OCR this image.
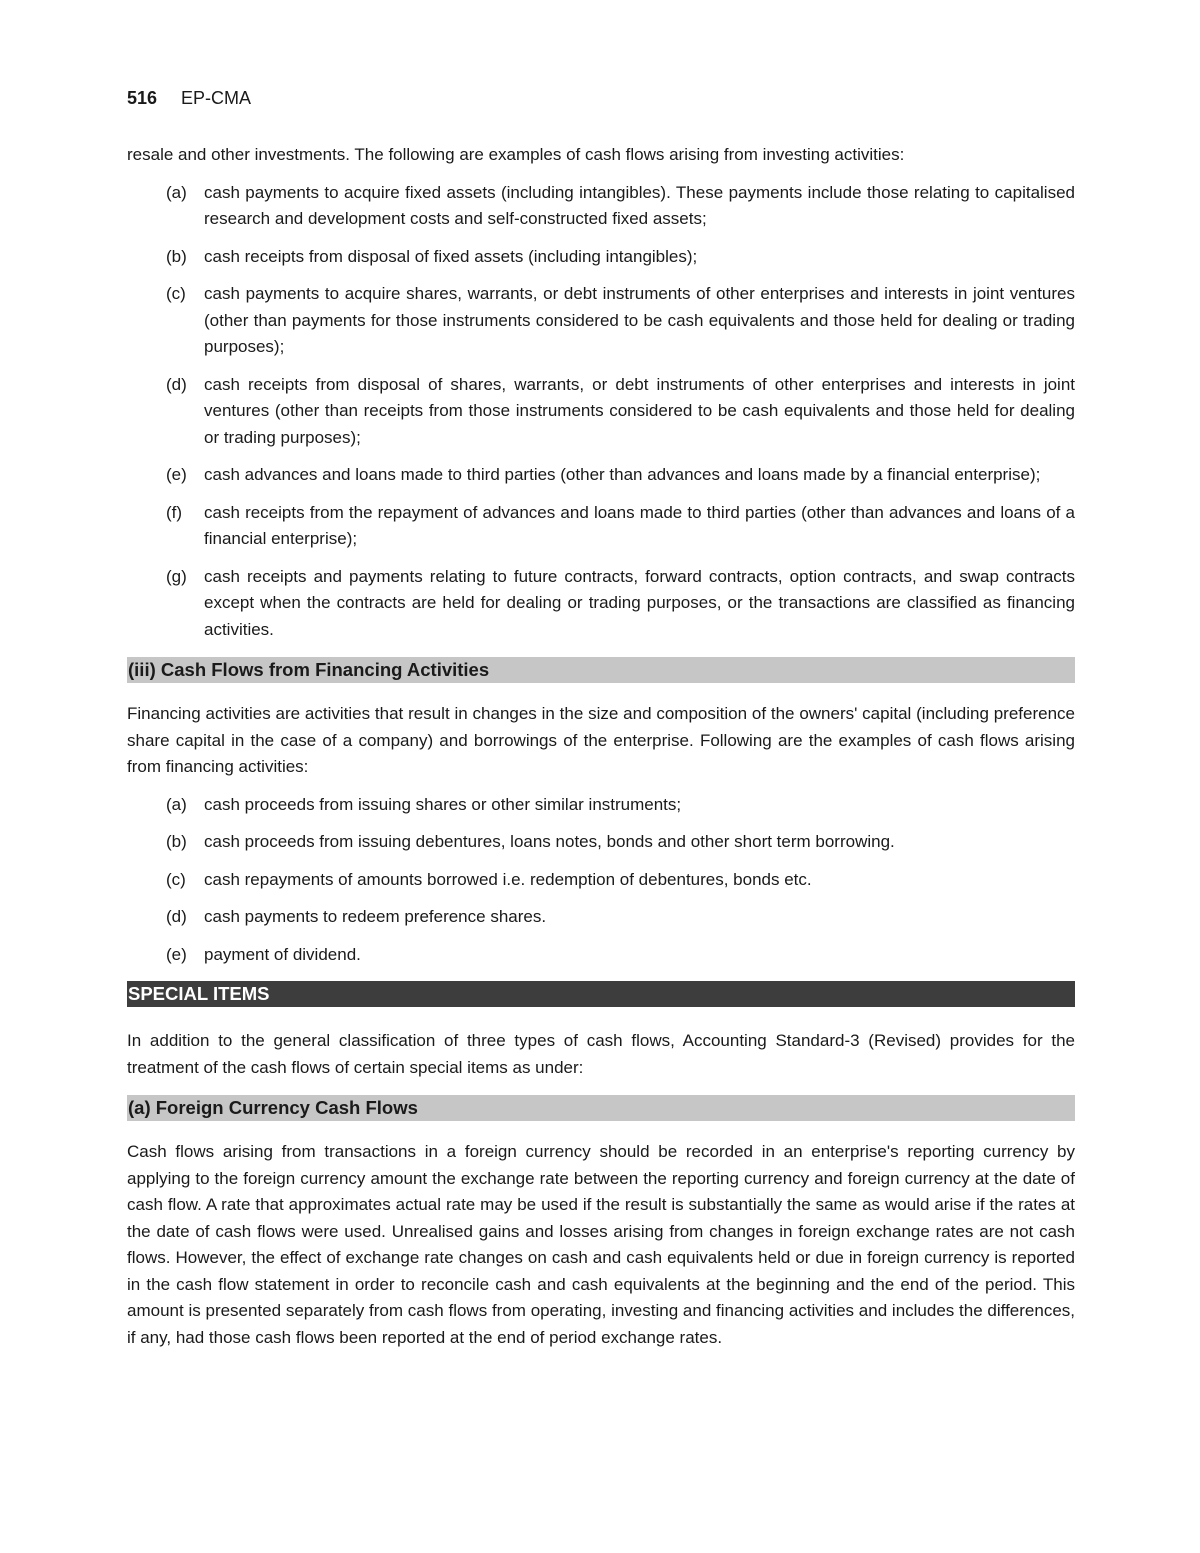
516 EP-CMA

resale and other investments. The following are examples of cash flows arising from investing activities:

(a)	cash payments to acquire fixed assets (including intangibles). These payments include those relating to capitalised research and development costs and self-constructed fixed assets;
(b)	cash receipts from disposal of fixed assets (including intangibles);
(c)	cash payments to acquire shares, warrants, or debt instruments of other enterprises and interests in joint ventures (other than payments for those instruments considered to be cash equivalents and those held for dealing or trading purposes);
(d)	cash receipts from disposal of shares, warrants, or debt instruments of other enterprises and interests in joint ventures (other than receipts from those instruments considered to be cash equivalents and those held for dealing or trading purposes);
(e)	cash advances and loans made to third parties (other than advances and loans made by a financial enterprise);
(f)	cash receipts from the repayment of advances and loans made to third parties (other than advances and loans of a financial enterprise);
(g)	cash receipts and payments relating to future contracts, forward contracts, option contracts, and swap contracts except when the contracts are held for dealing or trading purposes, or the transactions are classified as financing activities.
(iii) Cash Flows from Financing Activities

Financing activities are activities that result in changes in the size and composition of the owners' capital (including preference share capital in the case of a company) and borrowings of the enterprise. Following are the examples of cash flows arising from financing activities:

(a)	cash proceeds from issuing shares or other similar instruments;
(b)	cash proceeds from issuing debentures, loans notes, bonds and other short term borrowing.
(c)	cash repayments of amounts borrowed i.e. redemption of debentures, bonds etc.
(d)	cash payments to redeem preference shares.
(e)	payment of dividend.
SPECIAL ITEMS

In addition to the general classification of three types of cash flows, Accounting Standard-3 (Revised) provides for the treatment of the cash flows of certain special items as under:

(a) Foreign Currency Cash Flows

Cash flows arising from transactions in a foreign currency should be recorded in an enterprise's reporting currency by applying to the foreign currency amount the exchange rate between the reporting currency and foreign currency at the date of cash flow. A rate that approximates actual rate may be used if the result is substantially the same as would arise if the rates at the date of cash flows were used. Unrealised gains and losses arising from changes in foreign exchange rates are not cash flows. However, the effect of exchange rate changes on cash and cash equivalents held or due in foreign currency is reported in the cash flow statement in order to reconcile cash and cash equivalents at the beginning and the end of the period. This amount is presented separately from cash flows from operating, investing and financing activities and includes the differences, if any, had those cash flows been reported at the end of period exchange rates.
